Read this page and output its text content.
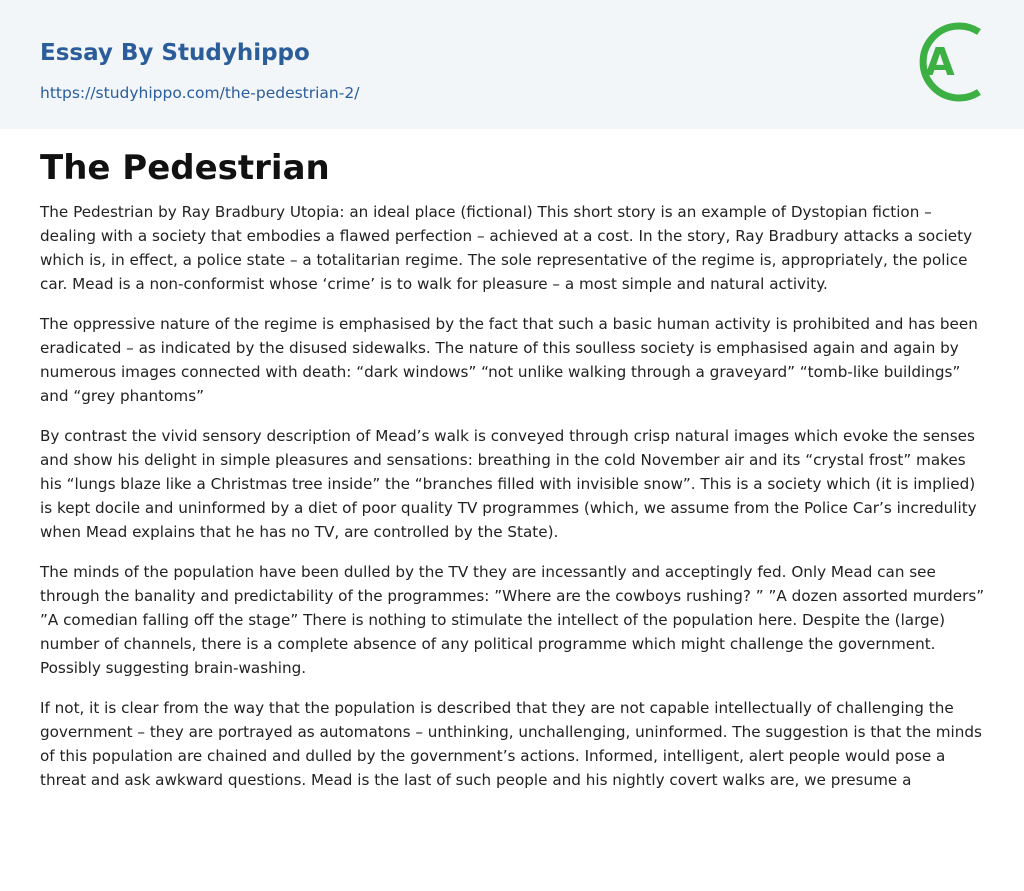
Essay By Studyhippo
https://studyhippo.com/the-pedestrian-2/
A
The Pedestrian

The Pedestrian by Ray Bradbury Utopia: an ideal place (fictional) This short story is an example of Dystopian fiction – dealing with a society that embodies a flawed perfection – achieved at a cost. In the story, Ray Bradbury attacks a society which is, in effect, a police state – a totalitarian regime. The sole representative of the regime is, appropriately, the police car. Mead is a non-conformist whose ‘crime’ is to walk for pleasure – a most simple and natural activity.

The oppressive nature of the regime is emphasised by the fact that such a basic human activity is prohibited and has been eradicated – as indicated by the disused sidewalks. The nature of this soulless society is emphasised again and again by numerous images connected with death: “dark windows” “not unlike walking through a graveyard” “tomb-like buildings” and “grey phantoms”

By contrast the vivid sensory description of Mead’s walk is conveyed through crisp natural images which evoke the senses and show his delight in simple pleasures and sensations: breathing in the cold November air and its “crystal frost” makes his “lungs blaze like a Christmas tree inside” the “branches filled with invisible snow”. This is a society which (it is implied) is kept docile and uninformed by a diet of poor quality TV programmes (which, we assume from the Police Car’s incredulity when Mead explains that he has no TV, are controlled by the State).

The minds of the population have been dulled by the TV they are incessantly and acceptingly fed. Only Mead can see through the banality and predictability of the programmes: ”Where are the cowboys rushing? ” ”A dozen assorted murders” ”A comedian falling off the stage” There is nothing to stimulate the intellect of the population here. Despite the (large) number of channels, there is a complete absence of any political programme which might challenge the government. Possibly suggesting brain-washing.

If not, it is clear from the way that the population is described that they are not capable intellectually of challenging the government – they are portrayed as automatons – unthinking, unchallenging, uninformed. The suggestion is that the minds of this population are chained and dulled by the government’s actions. Informed, intelligent, alert people would pose a threat and ask awkward questions. Mead is the last of such people and his nightly covert walks are, we presume a
